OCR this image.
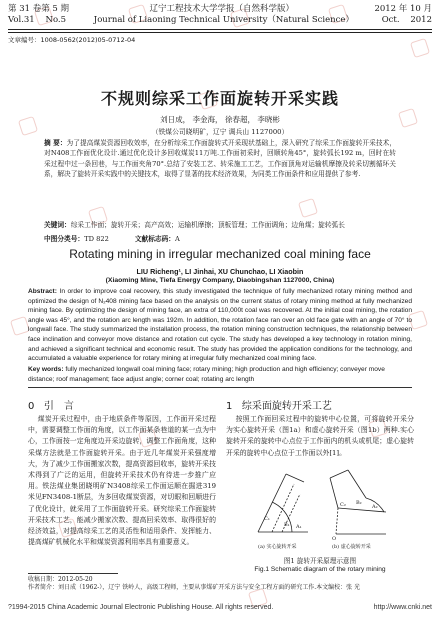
第 31 卷第 5 期	辽宁工程技术大学学报（自然科学版）	2012 年 10 月
Vol.31 No.5	Journal of Liaoning Technical University（Natural Science）	Oct. 2012
文章编号：1008-0562(2012)05-0712-04
不规则综采工作面旋转开采实践
刘日成， 李金海， 徐春超， 李晓彬
（铁煤公司晓明矿，辽宁 调兵山 1127000）
摘 要：为了提高煤炭资源回收效率，在分析综采工作面旋转式开采现状基础上，深入研究了综采工作面旋转开采技术，对N408工作面优化设计.通过优化设计多回收煤炭11万吨.工作面初采时，回顺转角45°，旋转弧长192 m，回时在转采过程中过一条回巷，与工作面夹角70°.总结了安装工艺、转采施工工艺，工作面顶角对运输机摩擦及转采切割循环关系，解决了旋转开采实践中的关键技术，取得了显著的技术经济效果，为同类工作面条件和应用提供了参考.
关键词：综采工作面；旋转开采；高产高效；运输机摩擦；顶板管理；工作面调角；边角煤；旋转弧长
中图分类号：TD 822	文献标志码：A
Rotating mining in irregular mechanized coal mining face
LIU Richeng¹, LI Jinhai, XU Chunchao, LI Xiaobin
(Xiaoming Mine, Tiefa Energy Company, Diaobingshan 1127000, China)
Abstract: In order to improve coal recovery, this study investigated the technique of fully mechanized rotary mining method and optimized the design of N₂408 mining face based on the analysis on the current status of rotary mining method at fully mechanized mining face. By optimizing the design of mining face, an extra of 110,000t coal was recovered. At the initial coal mining, the rotation angle was 45°, and the rotation arc length was 192m. In addition, the rotation face ran over an old face gate with an angle of 70° to longwall face. The study summarized the installation process, the rotation mining construction techniques, the relationship between face inclination and conveyor move distance and rotation cut cycle. The study has developed a key technology in rotation mining, and achieved a significant technical and economic result. The study has provided the application conditions for the technology, and accumulated a valuable experience for rotary mining at irregular fully mechanized coal mining face.
Key words: fully mechanized longwall coal mining face; rotary mining; high production and high efficiency; conveyer move distance; roof management; face adjust angle; corner coal; rotating arc length
0 引　言	1 综采面旋转开采工艺
煤炭开采过程中，由于地质条件等原因，工作面开采过程中，需要调整工作面的角度，以工作面某条巷道的某一点为中心，工作面按一定角度边开采边旋转，调整工作面角度，这种采煤方法就是工作面旋转开采。由于近几年煤炭开采强度增大，为了减少工作面搬家次数，提高资源回收率，旋转开采技术得到了广泛的运用，但旋转开采技术仍有待进一步推广应用。铁法煤业集团晓明矿N3408综采工作面运顺在掘进319米见FN3408-1断层，为多回收煤炭资源，对切眼和回顺进行了优化设计，就采用了工作面旋转开采。研究综采工作面旋转开采技术工艺，能减少搬家次数、提高回采效率、取得很好的经济效益，对提高综采工艺的灵活性和适用条件、发挥能力、提高煤矿机械化水平和煤炭资源利用率具有重要意义。
按照工作面回采过程中的旋转中心位置，可将旋转开采分为实心旋转开采（图1a）和虚心旋转开采（图1b）两种.实心旋转开采的旋转中心点位于工作面内的机头或机尾；虚心旋转开采的旋转中心点位于工作面以外[1]。
C₁
B₁ A₁
C₂ B₂
A₂
O
(a) 实心旋转开采	(b) 虚心旋转开采
图1 旋转开采原理示意图
Fig.1 Schematic diagram of the rotary mining
收稿日期：2012-05-20
作者简介：刘日成（1962-），辽宁 铁岭人，高级工程师，主要从事煤矿开采方法与安全工程方面的研究工作.本文编校：张 光
?1994-2015 China Academic Journal Electronic Publishing House. All rights reserved.	http://www.cnki.net
